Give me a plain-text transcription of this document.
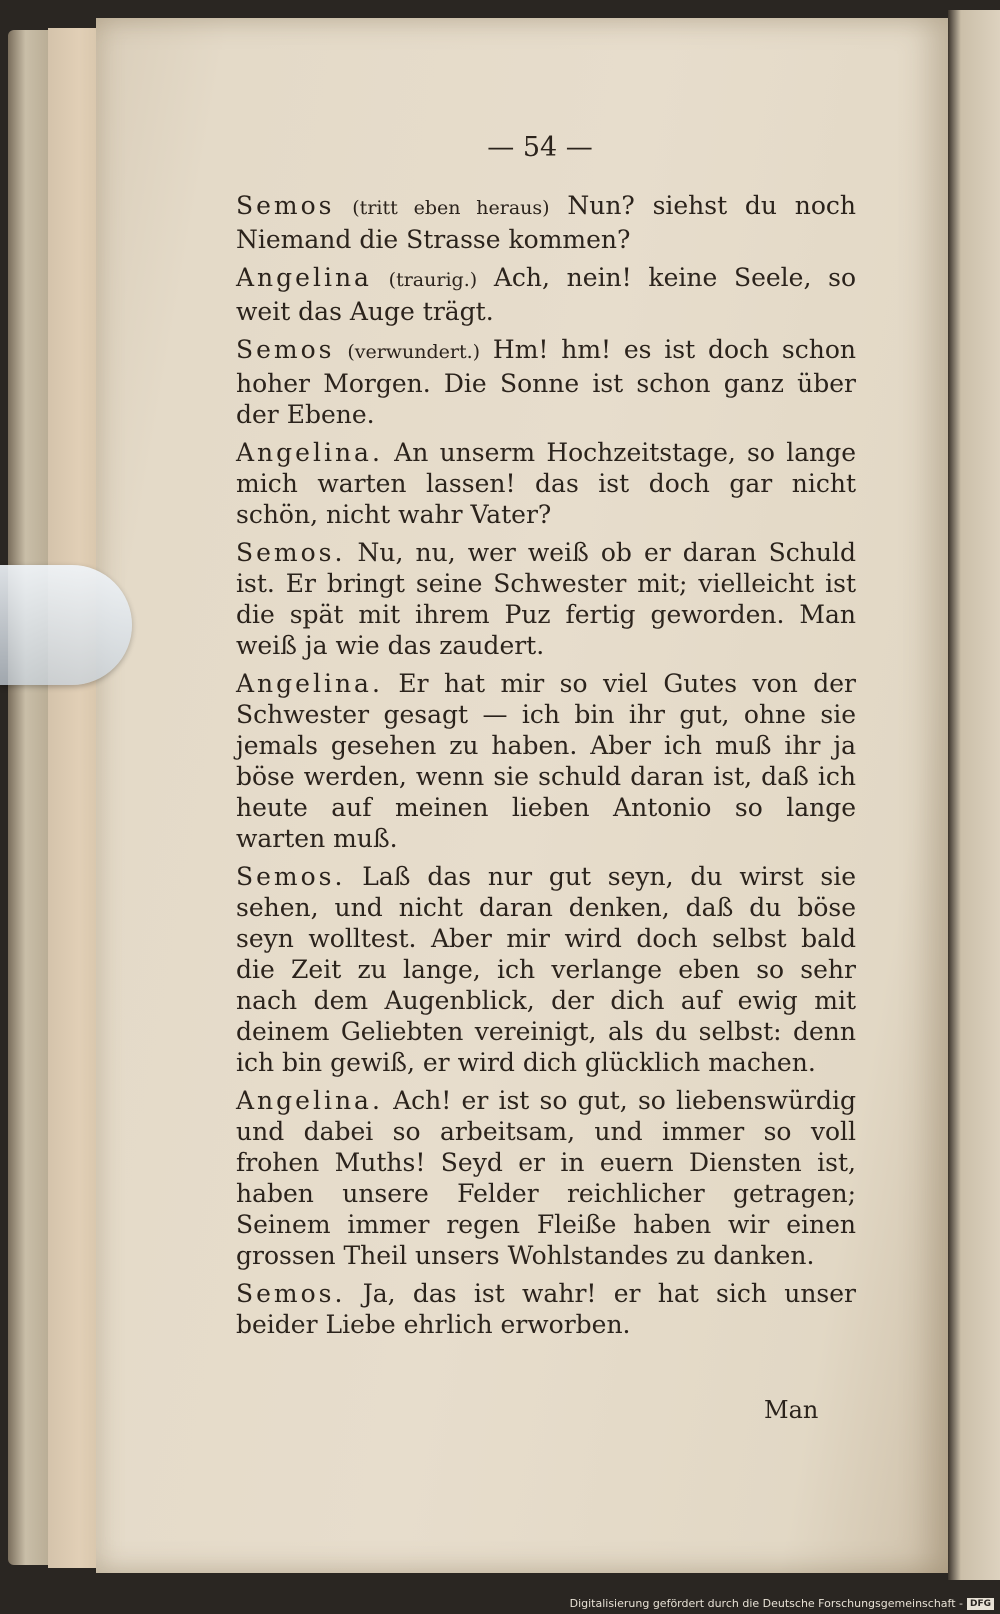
— 54 —

Semos (tritt eben heraus) Nun? siehst du noch Niemand die Strasse kommen?

Angelina (traurig.) Ach, nein! keine Seele, so weit das Auge trägt.

Semos (verwundert.) Hm! hm! es ist doch schon hoher Morgen. Die Sonne ist schon ganz über der Ebene.

Angelina. An unserm Hochzeitstage, so lange mich warten lassen! das ist doch gar nicht schön, nicht wahr Vater?

Semos. Nu, nu, wer weiß ob er daran Schuld ist. Er bringt seine Schwester mit; vielleicht ist die spät mit ihrem Puz fertig geworden. Man weiß ja wie das zaudert.

Angelina. Er hat mir so viel Gutes von der Schwester gesagt — ich bin ihr gut, ohne sie jemals gesehen zu haben. Aber ich muß ihr ja böse werden, wenn sie schuld daran ist, daß ich heute auf meinen lieben Antonio so lange warten muß.

Semos. Laß das nur gut seyn, du wirst sie sehen, und nicht daran denken, daß du böse seyn wolltest. Aber mir wird doch selbst bald die Zeit zu lange, ich verlange eben so sehr nach dem Augenblick, der dich auf ewig mit deinem Geliebten vereinigt, als du selbst: denn ich bin gewiß, er wird dich glücklich machen.

Angelina. Ach! er ist so gut, so liebenswürdig und dabei so arbeitsam, und immer so voll frohen Muths! Seyd er in euern Diensten ist, haben unsere Felder reichlicher getragen; Seinem immer regen Fleiße haben wir einen grossen Theil unsers Wohlstandes zu danken.

Semos. Ja, das ist wahr! er hat sich unser beider Liebe ehrlich erworben.

Man
Digitalisierung gefördert durch die Deutsche Forschungsgemeinschaft - DFG
